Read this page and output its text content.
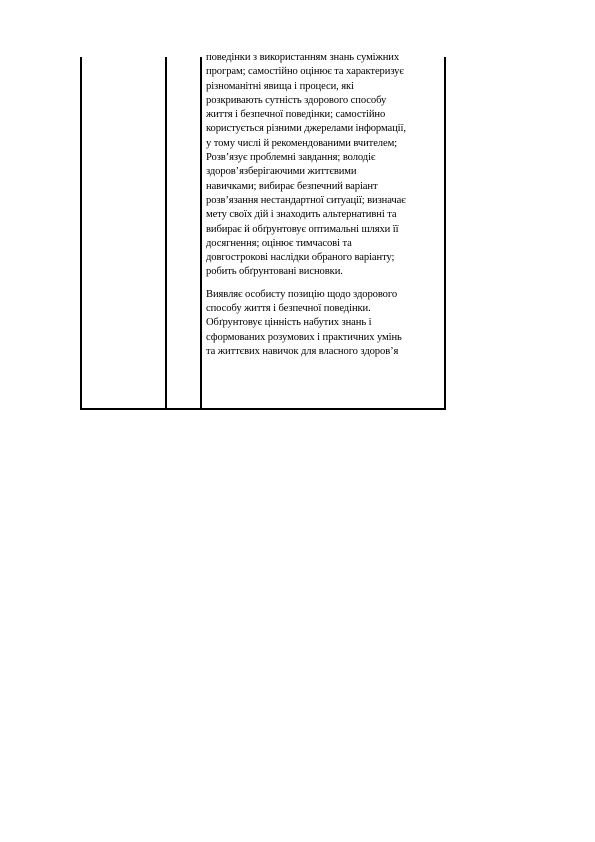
поведінки з використанням знань суміжних
програм; самостійно оцінює та характеризує
різноманітні явища і процеси, які
розкривають сутність здорового способу
життя і безпечної поведінки; самостійно
користується різними джерелами інформації,
у тому числі й рекомендованими вчителем;
Розв’язує проблемні завдання; володіє
здоров’язберігаючими життєвими
навичками; вибирає безпечний варіант
розв’язання нестандартної ситуації; визначає
мету своїх дій і знаходить альтернативні та
вибирає й обґрунтовує оптимальні шляхи її
досягнення; оцінює тимчасові та
довгострокові наслідки обраного варіанту;
робить обґрунтовані висновки.

Виявляє особисту позицію щодо здорового
способу життя і безпечної поведінки.
Обґрунтовує цінність набутих знань і
сформованих розумових і практичних умінь
та життєвих навичок для власного здоров’я
